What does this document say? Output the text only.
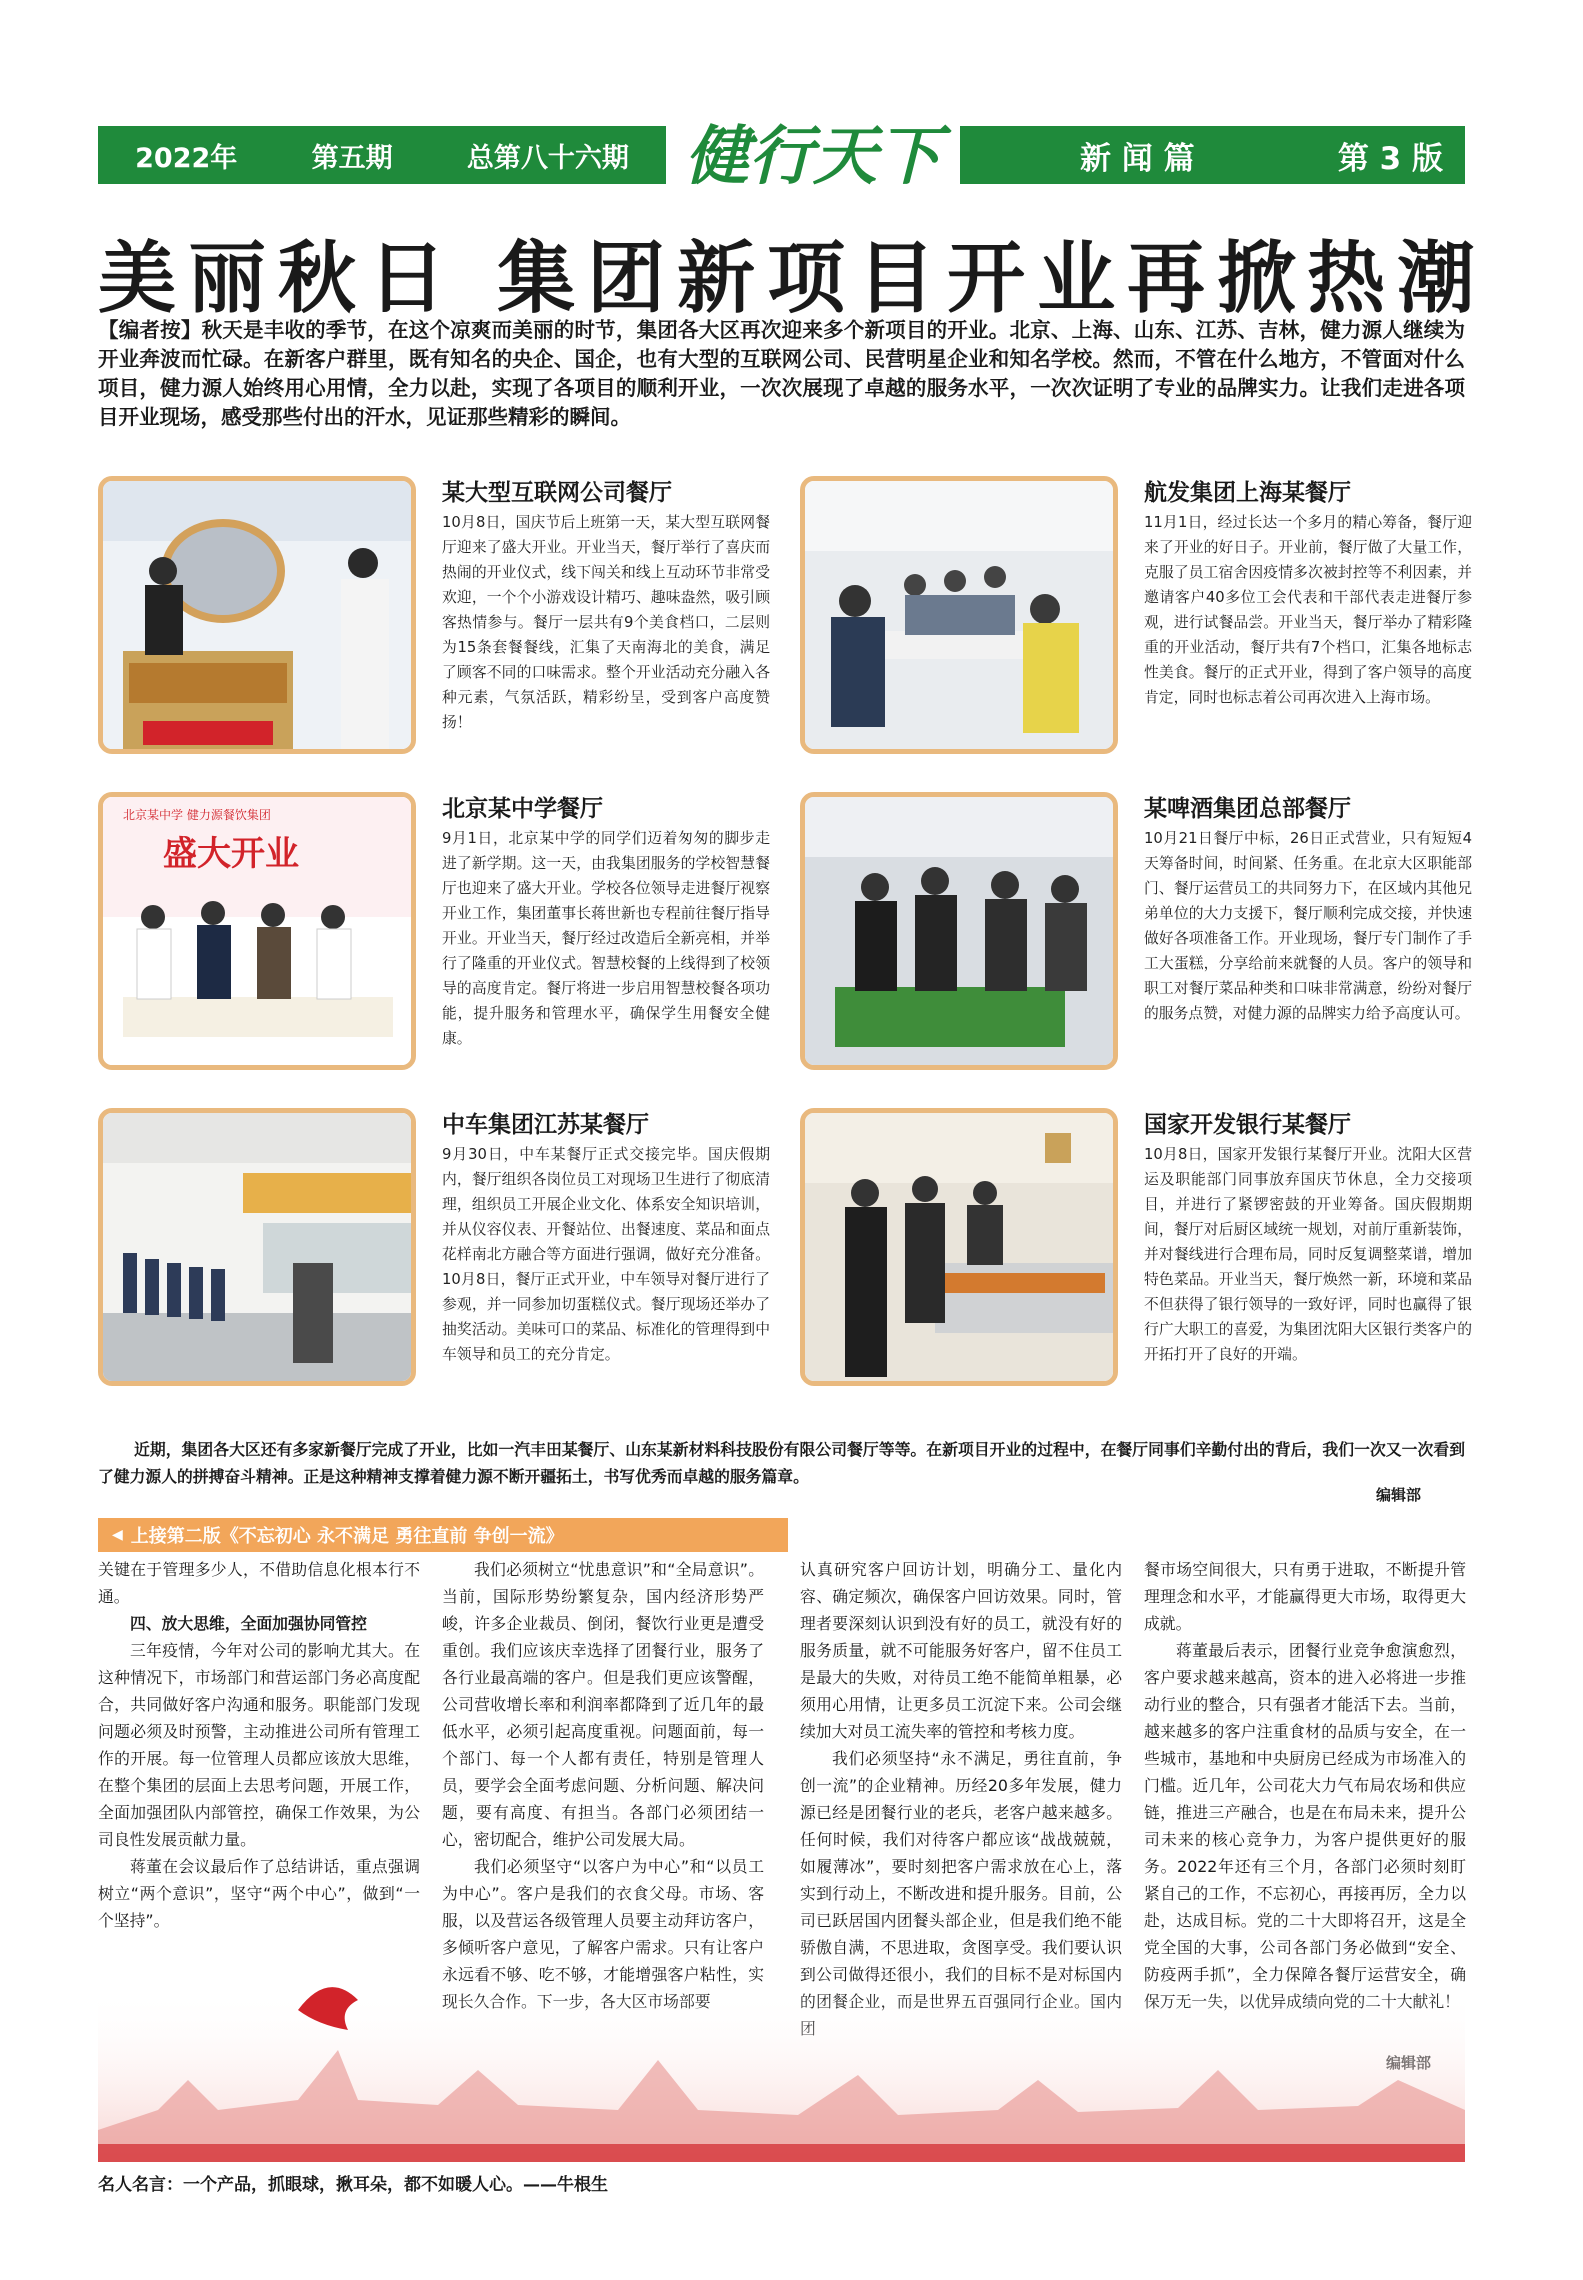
2022年	第五期	总第八十六期 健行天下	新 闻 篇	第 3 版
美丽秋日 集团新项目开业再掀热潮
【编者按】秋天是丰收的季节，在这个凉爽而美丽的时节，集团各大区再次迎来多个新项目的开业。北京、上海、山东、江苏、吉林，健力源人继续为开业奔波而忙碌。在新客户群里，既有知名的央企、国企，也有大型的互联网公司、民营明星企业和知名学校。然而，不管在什么地方，不管面对什么项目，健力源人始终用心用情，全力以赴，实现了各项目的顺利开业，一次次展现了卓越的服务水平，一次次证明了专业的品牌实力。让我们走进各项目开业现场，感受那些付出的汗水，见证那些精彩的瞬间。
某大型互联网公司餐厅
10月8日，国庆节后上班第一天，某大型互联网餐厅迎来了盛大开业。开业当天，餐厅举行了喜庆而热闹的开业仪式，线下闯关和线上互动环节非常受欢迎，一个个小游戏设计精巧、趣味盎然，吸引顾客热情参与。餐厅一层共有9个美食档口，二层则为15条套餐餐线，汇集了天南海北的美食，满足了顾客不同的口味需求。整个开业活动充分融入各种元素，气氛活跃，精彩纷呈，受到客户高度赞扬！
航发集团上海某餐厅
11月1日，经过长达一个多月的精心筹备，餐厅迎来了开业的好日子。开业前，餐厅做了大量工作，克服了员工宿舍因疫情多次被封控等不利因素，并邀请客户40多位工会代表和干部代表走进餐厅参观，进行试餐品尝。开业当天，餐厅举办了精彩隆重的开业活动，餐厅共有7个档口，汇集各地标志性美食。餐厅的正式开业，得到了客户领导的高度肯定，同时也标志着公司再次进入上海市场。
北京某中学 健力源餐饮集团
盛大开业
北京某中学餐厅
9月1日，北京某中学的同学们迈着匆匆的脚步走进了新学期。这一天，由我集团服务的学校智慧餐厅也迎来了盛大开业。学校各位领导走进餐厅视察开业工作，集团董事长蒋世新也专程前往餐厅指导开业。开业当天，餐厅经过改造后全新亮相，并举行了隆重的开业仪式。智慧校餐的上线得到了校领导的高度肯定。餐厅将进一步启用智慧校餐各项功能，提升服务和管理水平，确保学生用餐安全健康。
某啤酒集团总部餐厅
10月21日餐厅中标，26日正式营业，只有短短4天筹备时间，时间紧、任务重。在北京大区职能部门、餐厅运营员工的共同努力下，在区域内其他兄弟单位的大力支援下，餐厅顺利完成交接，并快速做好各项准备工作。开业现场，餐厅专门制作了手工大蛋糕，分享给前来就餐的人员。客户的领导和职工对餐厅菜品种类和口味非常满意，纷纷对餐厅的服务点赞，对健力源的品牌实力给予高度认可。
中车集团江苏某餐厅
9月30日，中车某餐厅正式交接完毕。国庆假期内，餐厅组织各岗位员工对现场卫生进行了彻底清理，组织员工开展企业文化、体系安全知识培训，并从仪容仪表、开餐站位、出餐速度、菜品和面点花样南北方融合等方面进行强调，做好充分准备。10月8日，餐厅正式开业，中车领导对餐厅进行了参观，并一同参加切蛋糕仪式。餐厅现场还举办了抽奖活动。美味可口的菜品、标准化的管理得到中车领导和员工的充分肯定。
国家开发银行某餐厅
10月8日，国家开发银行某餐厅开业。沈阳大区营运及职能部门同事放弃国庆节休息，全力交接项目，并进行了紧锣密鼓的开业筹备。国庆假期期间，餐厅对后厨区域统一规划，对前厅重新装饰，并对餐线进行合理布局，同时反复调整菜谱，增加特色菜品。开业当天，餐厅焕然一新，环境和菜品不但获得了银行领导的一致好评，同时也赢得了银行广大职工的喜爱，为集团沈阳大区银行类客户的开拓打开了良好的开端。
近期，集团各大区还有多家新餐厅完成了开业，比如一汽丰田某餐厅、山东某新材料科技股份有限公司餐厅等等。在新项目开业的过程中，在餐厅同事们辛勤付出的背后，我们一次又一次看到了健力源人的拼搏奋斗精神。正是这种精神支撑着健力源不断开疆拓土，书写优秀而卓越的服务篇章。
编辑部
◀ 上接第二版《不忘初心 永不满足 勇往直前 争创一流》

关键在于管理多少人，不借助信息化根本行不通。

四、放大思维，全面加强协同管控

三年疫情，今年对公司的影响尤其大。在这种情况下，市场部门和营运部门务必高度配合，共同做好客户沟通和服务。职能部门发现问题必须及时预警，主动推进公司所有管理工作的开展。每一位管理人员都应该放大思维，在整个集团的层面上去思考问题，开展工作，全面加强团队内部管控，确保工作效果，为公司良性发展贡献力量。

蒋董在会议最后作了总结讲话，重点强调树立“两个意识”，坚守“两个中心”，做到“一个坚持”。

我们必须树立“忧患意识”和“全局意识”。当前，国际形势纷繁复杂，国内经济形势严峻，许多企业裁员、倒闭，餐饮行业更是遭受重创。我们应该庆幸选择了团餐行业，服务了各行业最高端的客户。但是我们更应该警醒，公司营收增长率和利润率都降到了近几年的最低水平，必须引起高度重视。问题面前，每一个部门、每一个人都有责任，特别是管理人员，要学会全面考虑问题、分析问题、解决问题，要有高度、有担当。各部门必须团结一心，密切配合，维护公司发展大局。

我们必须坚守“以客户为中心”和“以员工为中心”。客户是我们的衣食父母。市场、客服，以及营运各级管理人员要主动拜访客户，多倾听客户意见，了解客户需求。只有让客户永远看不够、吃不够，才能增强客户粘性，实

认真研究客户回访计划，明确分工、量化内容、确定频次，确保客户回访效果。同时，管理者要深刻认识到没有好的员工，就没有好的服务质量，就不可能服务好客户，留不住员工是最大的失败，对待员工绝不能简单粗暴，必须用心用情，让更多员工沉淀下来。公司会继续加大对员工流失率的管控和考核力度。

我们必须坚持“永不满足，勇往直前，争创一流”的企业精神。历经20多年发展，健力源已经是团餐行业的老兵，老客户越来越多。任何时候，我们对待客户都应该“战战兢兢，如履薄冰”，要时刻把客户需求放在心上，落实到行动上，不断改进和提升服务。目前，公司已跃居国内团餐头部企业，但是我们绝不能骄傲自满，不思进取，贪图享受。我们要认识到公司做得还很小，我们的目标不是对标国内

餐市场空间很大，只有勇于进取，不断提升管理理念和水平，才能赢得更大市场，取得更大成就。

蒋董最后表示，团餐行业竞争愈演愈烈，客户要求越来越高，资本的进入必将进一步推动行业的整合，只有强者才能活下去。当前，越来越多的客户注重食材的品质与安全，在一些城市，基地和中央厨房已经成为市场准入的门槛。近几年，公司花大力气布局农场和供应链，推进三产融合，也是在布局未来，提升公司未来的核心竞争力，为客户提供更好的服务。2022年还有三个月，各部门必须时刻盯紧自己的工作，不忘初心，再接再厉，全力以赴，达成目标。党的二十大即将召开，这是全党全国的大事，公司各部门务必做到“安全、防疫两手抓”，全力保障各餐厅运营安全，确

名人名言：一个产品，抓眼球，揪耳朵，都不如暖人心。——牛根生
